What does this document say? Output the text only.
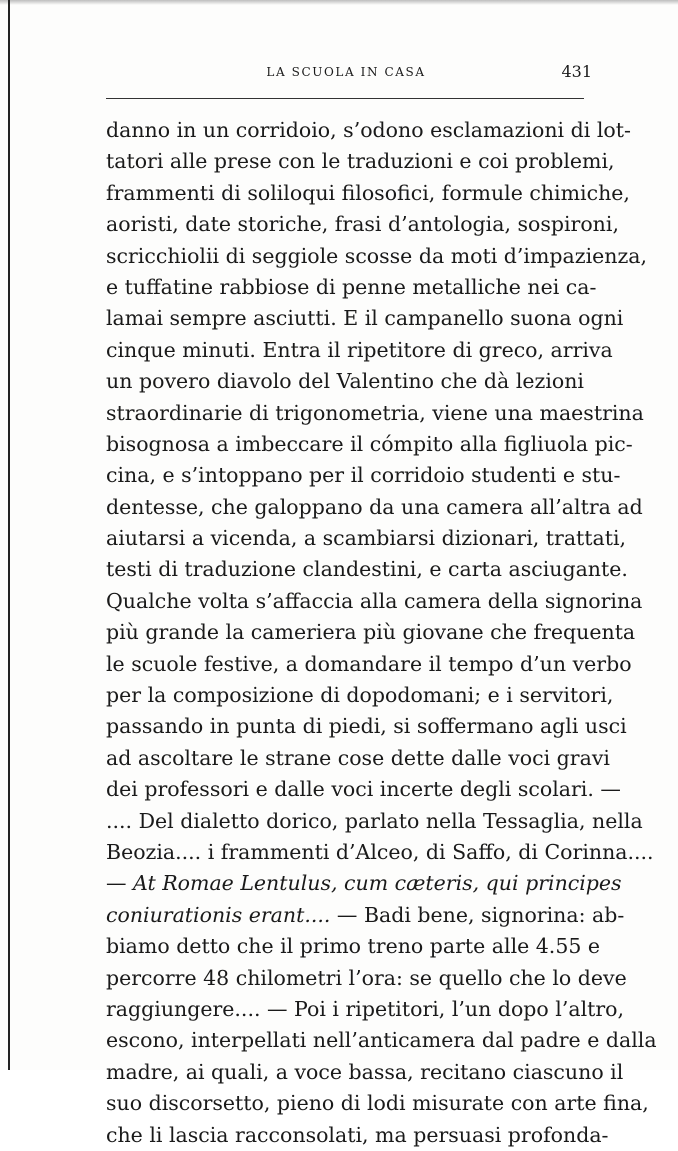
LA SCUOLA IN CASA	431
danno in un corridoio, s’odono esclamazioni di lot-
tatori alle prese con le traduzioni e coi problemi,
frammenti di soliloqui filosofici, formule chimiche,
aoristi, date storiche, frasi d’antologia, sospironi,
scricchiolii di seggiole scosse da moti d’impazienza,
e tuffatine rabbiose di penne metalliche nei ca-
lamai sempre asciutti. E il campanello suona ogni
cinque minuti. Entra il ripetitore di greco, arriva
un povero diavolo del Valentino che dà lezioni
straordinarie di trigonometria, viene una maestrina
bisognosa a imbeccare il cómpito alla figliuola pic-
cina, e s’intoppano per il corridoio studenti e stu-
dentesse, che galoppano da una camera all’altra ad
aiutarsi a vicenda, a scambiarsi dizionari, trattati,
testi di traduzione clandestini, e carta asciugante.
Qualche volta s’affaccia alla camera della signorina
più grande la cameriera più giovane che frequenta
le scuole festive, a domandare il tempo d’un verbo
per la composizione di dopodomani; e i servitori,
passando in punta di piedi, si soffermano agli usci
ad ascoltare le strane cose dette dalle voci gravi
dei professori e dalle voci incerte degli scolari. —
.... Del dialetto dorico, parlato nella Tessaglia, nella
Beozia.... i frammenti d’Alceo, di Saffo, di Corinna....
— At Romae Lentulus, cum cæteris, qui principes
coniurationis erant.... — Badi bene, signorina: ab-
biamo detto che il primo treno parte alle 4.55 e
percorre 48 chilometri l’ora: se quello che lo deve
raggiungere.... — Poi i ripetitori, l’un dopo l’altro,
escono, interpellati nell’anticamera dal padre e dalla
madre, ai quali, a voce bassa, recitano ciascuno il
suo discorsetto, pieno di lodi misurate con arte fina,
che li lascia racconsolati, ma persuasi profonda-
